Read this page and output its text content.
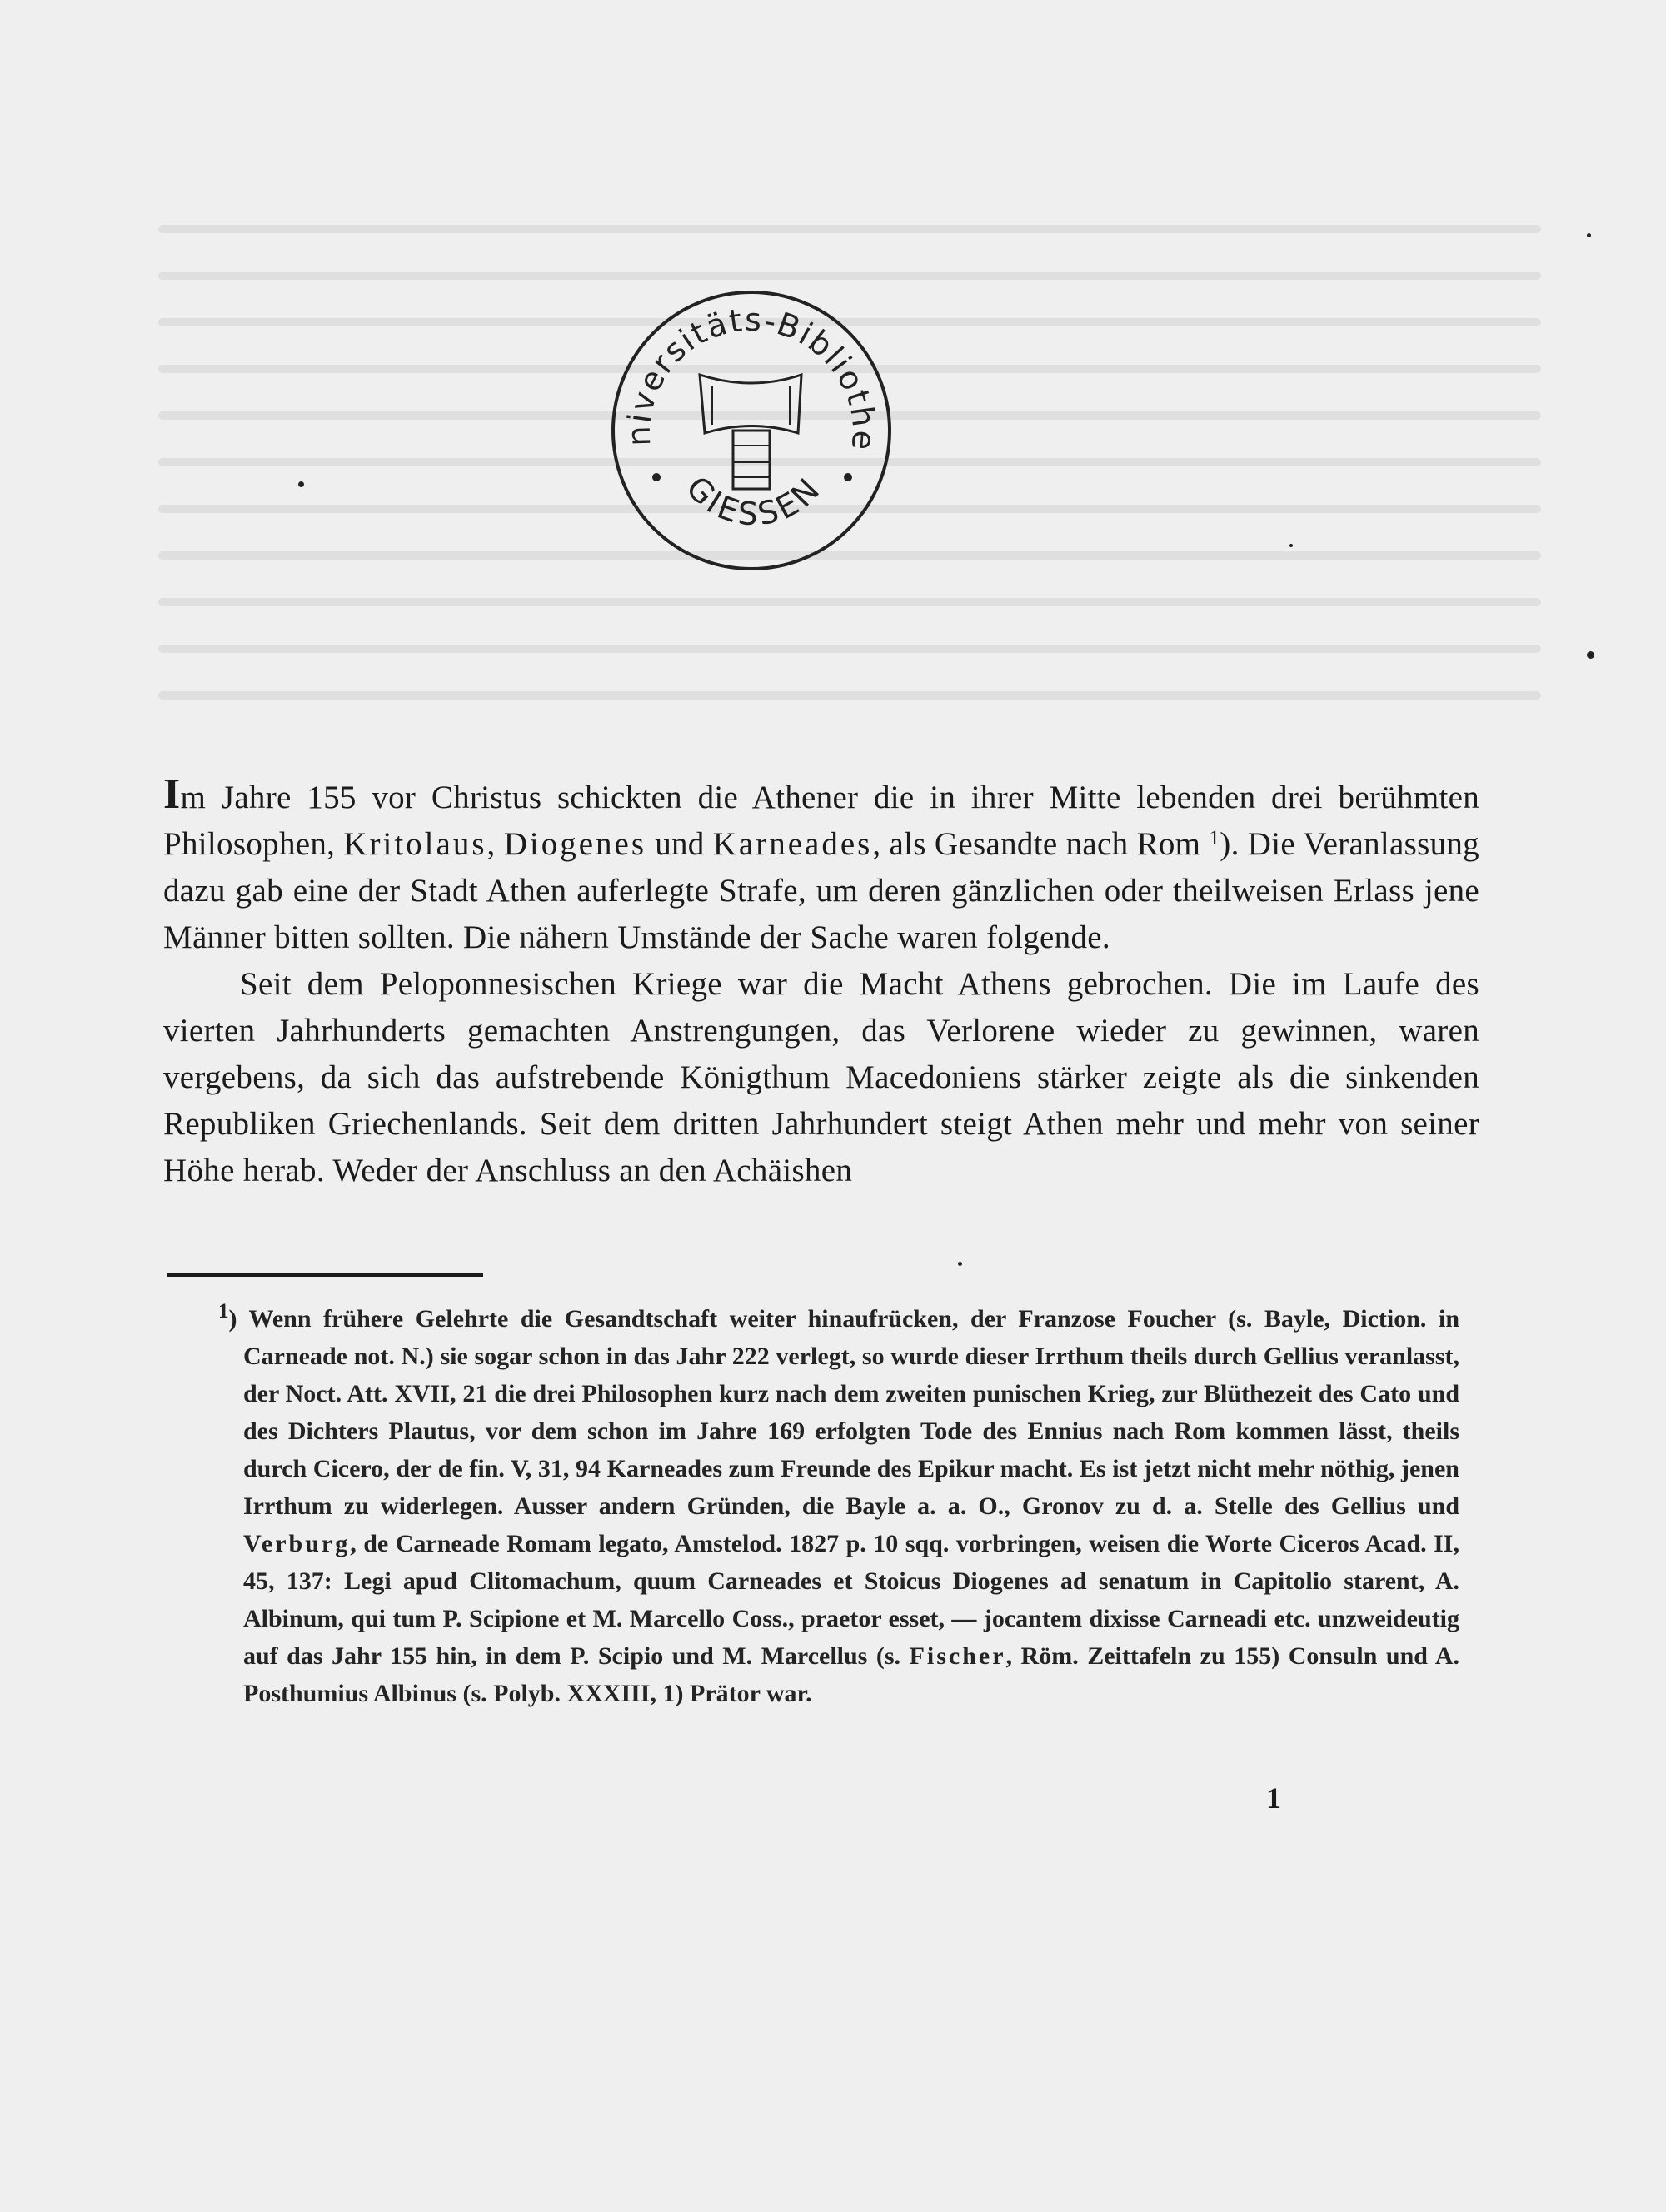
niversitäts-Bibliothe
GIESSEN

Im Jahre 155 vor Christus schickten die Athener die in ihrer Mitte lebenden drei berühmten Philosophen, Kritolaus, Diogenes und Karneades, als Gesandte nach Rom $^1$). Die Veranlassung dazu gab eine der Stadt Athen auferlegte Strafe, um deren gänzlichen oder theilweisen Erlass jene Männer bitten sollten. Die nähern Umstände der Sache waren folgende.

Seit dem Peloponnesischen Kriege war die Macht Athens gebrochen. Die im Laufe des vierten Jahrhunderts gemachten Anstrengungen, das Verlorene wieder zu gewinnen, waren vergebens, da sich das aufstrebende Königthum Macedoniens stärker zeigte als die sinkenden Republiken Griechenlands. Seit dem dritten Jahrhundert steigt Athen mehr und mehr von seiner Höhe herab. Weder der Anschluss an den Achäishen

$^1$) Wenn frühere Gelehrte die Gesandtschaft weiter hinaufrücken, der Franzose Foucher (s. Bayle, Diction. in Carneade not. N.) sie sogar schon in das Jahr 222 verlegt, so wurde dieser Irrthum theils durch Gellius veranlasst, der Noct. Att. XVII, 21 die drei Philosophen kurz nach dem zweiten punischen Krieg, zur Blüthezeit des Cato und des Dichters Plautus, vor dem schon im Jahre 169 erfolgten Tode des Ennius nach Rom kommen lässt, theils durch Cicero, der de fin. V, 31, 94 Karneades zum Freunde des Epikur macht. Es ist jetzt nicht mehr nöthig, jenen Irrthum zu widerlegen. Ausser andern Gründen, die Bayle a. a. O., Gronov zu d. a. Stelle des Gellius und Verburg, de Carneade Romam legato, Amstelod. 1827 p. 10 sqq. vorbringen, weisen die Worte Ciceros Acad. II, 45, 137: Legi apud Clitomachum, quum Carneades et Stoicus Diogenes ad senatum in Capitolio starent, A. Albinum, qui tum P. Scipione et M. Marcello Coss., praetor esset, — jocantem dixisse Carneadi etc. unzweideutig auf das Jahr 155 hin, in dem P. Scipio und M. Marcellus (s. Fischer, Röm. Zeittafeln zu 155) Consuln und A. Posthumius Albinus (s. Polyb. XXXIII, 1) Prätor war.
1
